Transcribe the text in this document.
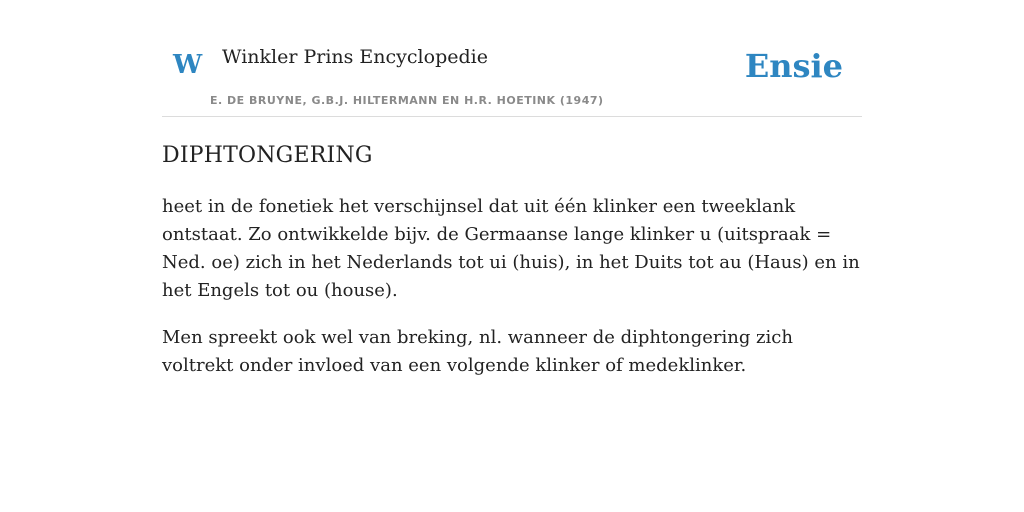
W Winkler Prins Encyclopedie
E. DE BRUYNE, G.B.J. HILTERMANN EN H.R. HOETINK (1947)
Ensie
DIPHTONGERING

heet in de fonetiek het verschijnsel dat uit één klinker een tweeklank ontstaat. Zo ontwikkelde bijv. de Germaanse lange klinker u (uitspraak = Ned. oe) zich in het Nederlands tot ui (huis), in het Duits tot au (Haus) en in het Engels tot ou (house).

Men spreekt ook wel van breking, nl. wanneer de diphtongering zich voltrekt onder invloed van een volgende klinker of medeklinker.
